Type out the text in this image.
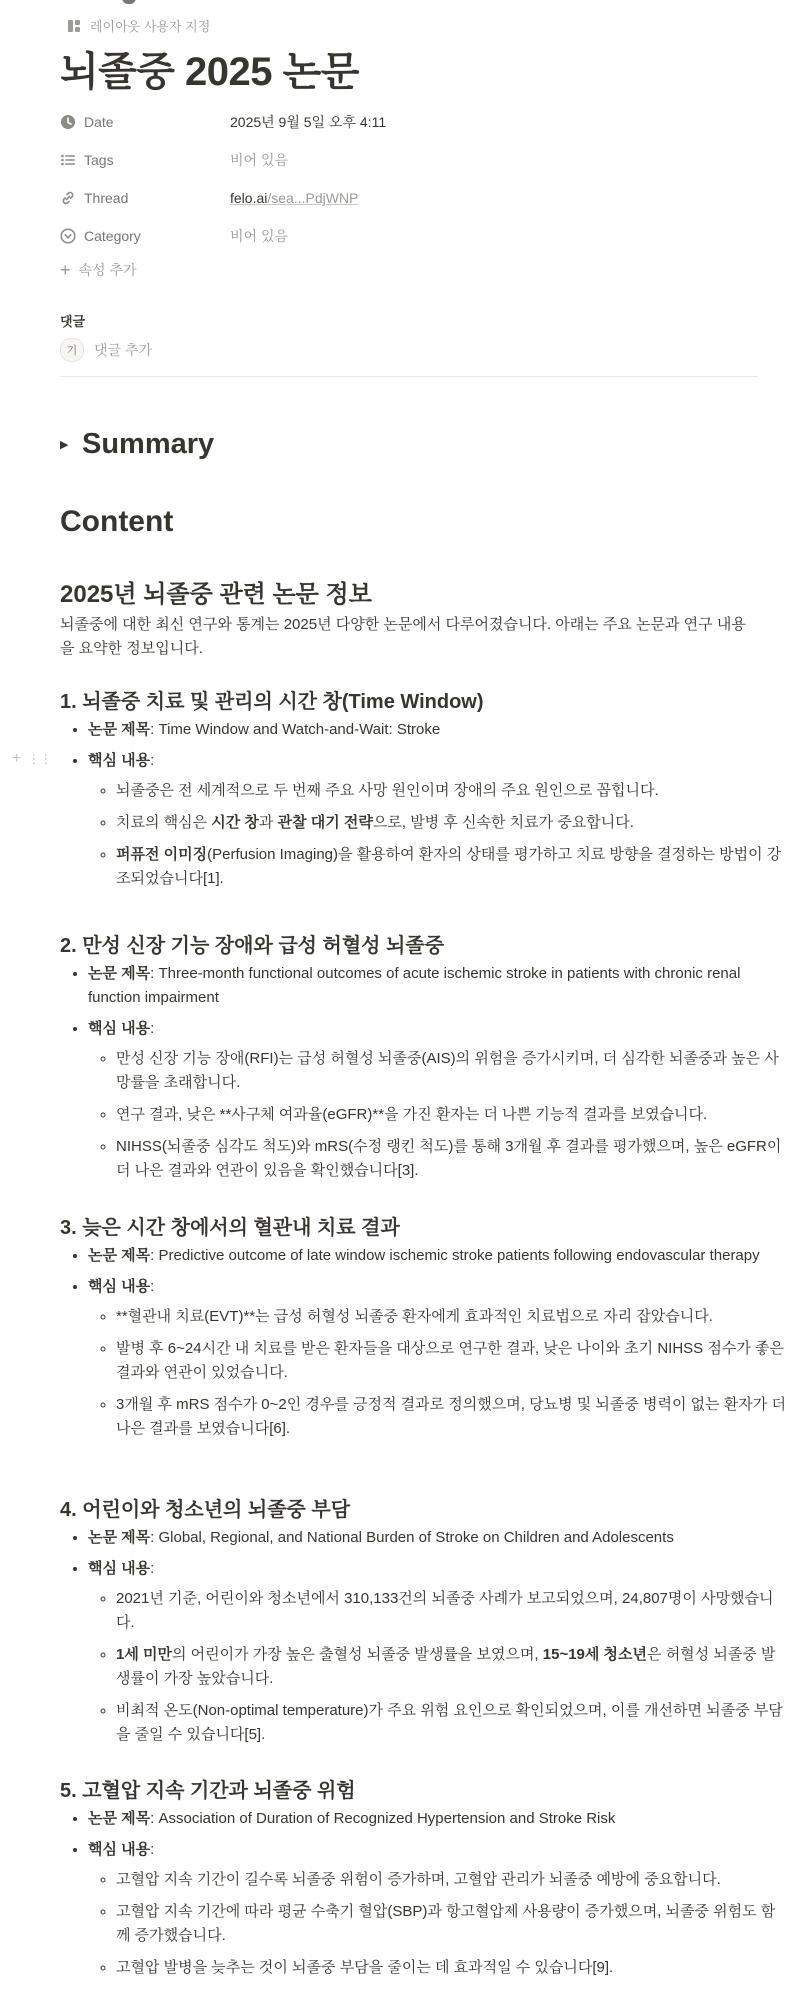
레이아웃 사용자 지정
뇌졸중 2025 논문
Date	2025년 9월 5일 오후 4:11
Tags	비어 있음
Thread	felo.ai/sea...PdjWNP
Category	비어 있음
+ 속성 추가
댓글
기	댓글 추가
▶ Summary
Content
2025년 뇌졸중 관련 논문 정보
뇌졸중에 대한 최신 연구와 통계는 2025년 다양한 논문에서 다루어졌습니다. 아래는 주요 논문과 연구 내용을 요약한 정보입니다.
+ ⋮⋮
1. 뇌졸중 치료 및 관리의 시간 창(Time Window)
• 논문 제목: Time Window and Watch-and-Wait: Stroke
• 핵심 내용:
◦ 뇌졸중은 전 세계적으로 두 번째 주요 사망 원인이며 장애의 주요 원인으로 꼽힙니다.
◦ 치료의 핵심은 시간 창과 관찰 대기 전략으로, 발병 후 신속한 치료가 중요합니다.
◦ 퍼퓨전 이미징(Perfusion Imaging)을 활용하여 환자의 상태를 평가하고 치료 방향을 결정하는 방법이 강조되었습니다[1].
2. 만성 신장 기능 장애와 급성 허혈성 뇌졸중
• 논문 제목: Three-month functional outcomes of acute ischemic stroke in patients with chronic renal function impairment
• 핵심 내용:
◦ 만성 신장 기능 장애(RFI)는 급성 허혈성 뇌졸중(AIS)의 위험을 증가시키며, 더 심각한 뇌졸중과 높은 사망률을 초래합니다.
◦ 연구 결과, 낮은 **사구체 여과율(eGFR)**을 가진 환자는 더 나쁜 기능적 결과를 보였습니다.
◦ NIHSS(뇌졸중 심각도 척도)와 mRS(수정 랭킨 척도)를 통해 3개월 후 결과를 평가했으며, 높은 eGFR이 더 나은 결과와 연관이 있음을 확인했습니다[3].
3. 늦은 시간 창에서의 혈관내 치료 결과
• 논문 제목: Predictive outcome of late window ischemic stroke patients following endovascular therapy
• 핵심 내용:
◦ **혈관내 치료(EVT)**는 급성 허혈성 뇌졸중 환자에게 효과적인 치료법으로 자리 잡았습니다.
◦ 발병 후 6~24시간 내 치료를 받은 환자들을 대상으로 연구한 결과, 낮은 나이와 초기 NIHSS 점수가 좋은 결과와 연관이 있었습니다.
◦ 3개월 후 mRS 점수가 0~2인 경우를 긍정적 결과로 정의했으며, 당뇨병 및 뇌졸중 병력이 없는 환자가 더 나은 결과를 보였습니다[6].
4. 어린이와 청소년의 뇌졸중 부담
• 논문 제목: Global, Regional, and National Burden of Stroke on Children and Adolescents
• 핵심 내용:
◦ 2021년 기준, 어린이와 청소년에서 310,133건의 뇌졸중 사례가 보고되었으며, 24,807명이 사망했습니다.
◦ 1세 미만의 어린이가 가장 높은 출혈성 뇌졸중 발생률을 보였으며, 15~19세 청소년은 허혈성 뇌졸중 발생률이 가장 높았습니다.
◦ 비최적 온도(Non-optimal temperature)가 주요 위험 요인으로 확인되었으며, 이를 개선하면 뇌졸중 부담을 줄일 수 있습니다[5].
5. 고혈압 지속 기간과 뇌졸중 위험
• 논문 제목: Association of Duration of Recognized Hypertension and Stroke Risk
• 핵심 내용:
◦ 고혈압 지속 기간이 길수록 뇌졸중 위험이 증가하며, 고혈압 관리가 뇌졸중 예방에 중요합니다.
◦ 고혈압 지속 기간에 따라 평균 수축기 혈압(SBP)과 항고혈압제 사용량이 증가했으며, 뇌졸중 위험도 함께 증가했습니다.
◦ 고혈압 발병을 늦추는 것이 뇌졸중 부담을 줄이는 데 효과적일 수 있습니다[9].
